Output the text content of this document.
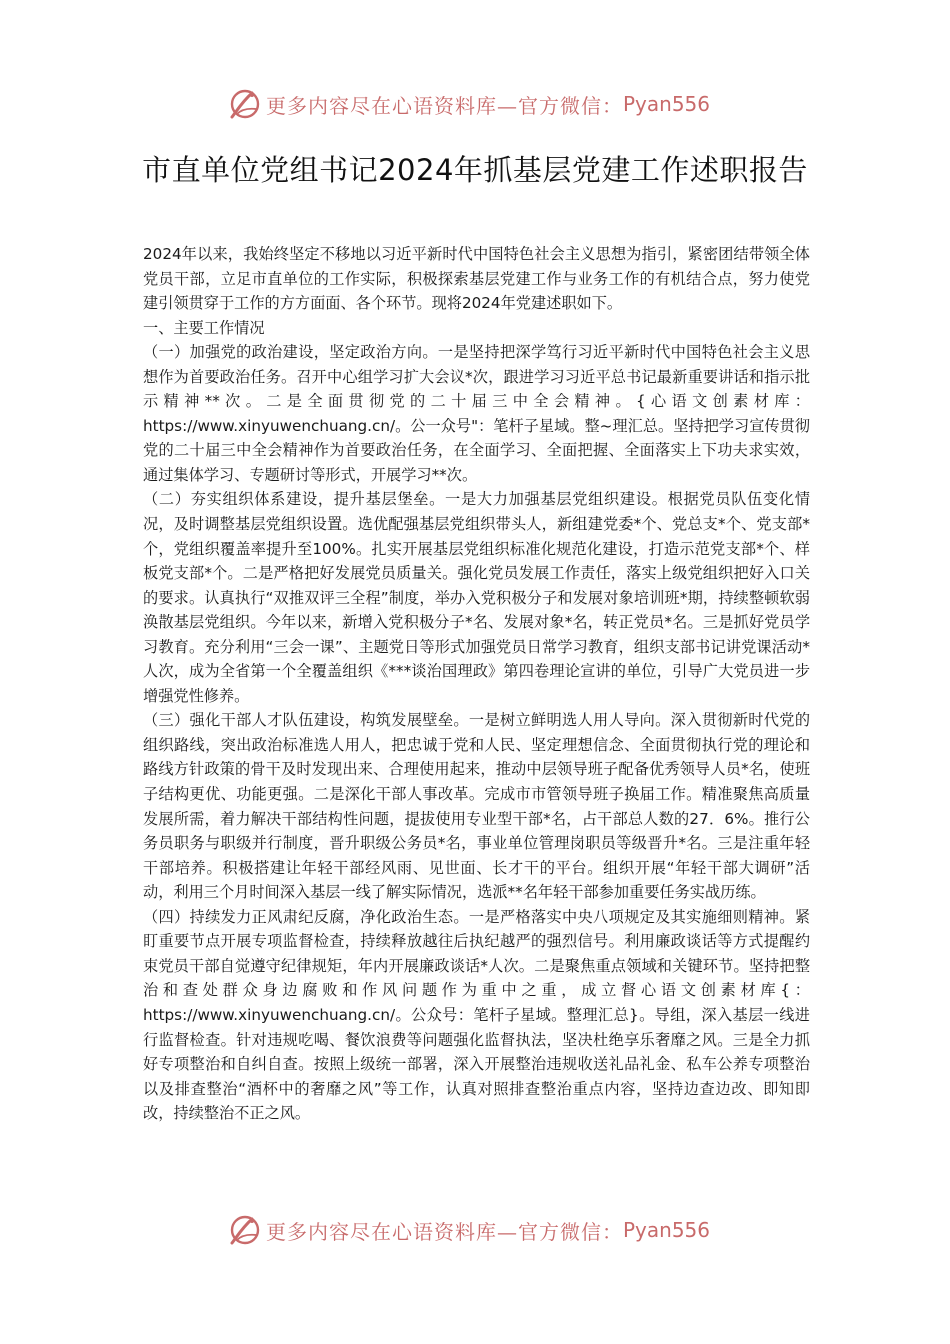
更多内容尽在心语资料库—官方微信： Pyan556
市直单位党组书记2024年抓基层党建工作述职报告

2024年以来，我始终坚定不移地以习近平新时代中国特色社会主义思想为指引，紧密团结带领全体党员干部，立足市直单位的工作实际，积极探索基层党建工作与业务工作的有机结合点，努力使党建引领贯穿于工作的方方面面、各个环节。现将2024年党建述职如下。

一、主要工作情况

（一）加强党的政治建设，坚定政治方向。一是坚持把深学笃行习近平新时代中国特色社会主义思想作为首要政治任务。召开中心组学习扩大会议*次，跟进学习习近平总书记最新重要讲话和指示批示精神**次。二是全面贯彻党的二十届三中全会精神。{心语文创素材库：https://www.xinyuwenchuang.cn/。公一众号"：笔杆子星域。整~理汇总。坚持把学习宣传贯彻党的二十届三中全会精神作为首要政治任务，在全面学习、全面把握、全面落实上下功夫求实效，通过集体学习、专题研讨等形式，开展学习**次。

（二）夯实组织体系建设，提升基层堡垒。一是大力加强基层党组织建设。根据党员队伍变化情况，及时调整基层党组织设置。选优配强基层党组织带头人，新组建党委*个、党总支*个、党支部*个，党组织覆盖率提升至100%。扎实开展基层党组织标准化规范化建设，打造示范党支部*个、样板党支部*个。二是严格把好发展党员质量关。强化党员发展工作责任，落实上级党组织把好入口关的要求。认真执行“双推双评三全程”制度，举办入党积极分子和发展对象培训班*期，持续整顿软弱涣散基层党组织。今年以来，新增入党积极分子*名、发展对象*名，转正党员*名。三是抓好党员学习教育。充分利用“三会一课”、主题党日等形式加强党员日常学习教育，组织支部书记讲党课活动*人次，成为全省第一个全覆盖组织《***谈治国理政》第四卷理论宣讲的单位，引导广大党员进一步增强党性修养。

（三）强化干部人才队伍建设，构筑发展壁垒。一是树立鲜明选人用人导向。深入贯彻新时代党的组织路线，突出政治标准选人用人，把忠诚于党和人民、坚定理想信念、全面贯彻执行党的理论和路线方针政策的骨干及时发现出来、合理使用起来，推动中层领导班子配备优秀领导人员*名，使班子结构更优、功能更强。二是深化干部人事改革。完成市市管领导班子换届工作。精准聚焦高质量发展所需，着力解决干部结构性问题，提拔使用专业型干部*名，占干部总人数的27．6%。推行公务员职务与职级并行制度，晋升职级公务员*名，事业单位管理岗职员等级晋升*名。三是注重年轻干部培养。积极搭建让年轻干部经风雨、见世面、长才干的平台。组织开展“年轻干部大调研”活动，利用三个月时间深入基层一线了解实际情况，选派**名年轻干部参加重要任务实战历练。

（四）持续发力正风肃纪反腐，净化政治生态。一是严格落实中央八项规定及其实施细则精神。紧盯重要节点开展专项监督检查，持续释放越往后执纪越严的强烈信号。利用廉政谈话等方式提醒约束党员干部自觉遵守纪律规矩，年内开展廉政谈话*人次。二是聚焦重点领域和关键环节。坚持把整治和查处群众身边腐败和作风问题作为重中之重，成立督心语文创素材库{：https://www.xinyuwenchuang.cn/。公众号：笔杆子星域。整理汇总}。导组，深入基层一线进行监督检查。针对违规吃喝、餐饮浪费等问题强化监督执法，坚决杜绝享乐奢靡之风。三是全力抓好专项整治和自纠自查。按照上级统一部署，深入开展整治违规收送礼品礼金、私车公养专项整治以及排查整治“酒杯中的奢靡之风”等工作，认真对照排查整治重点内容，坚持边查边改、即知即改，持续整治不正之风。

更多内容尽在心语资料库—官方微信： Pyan556
